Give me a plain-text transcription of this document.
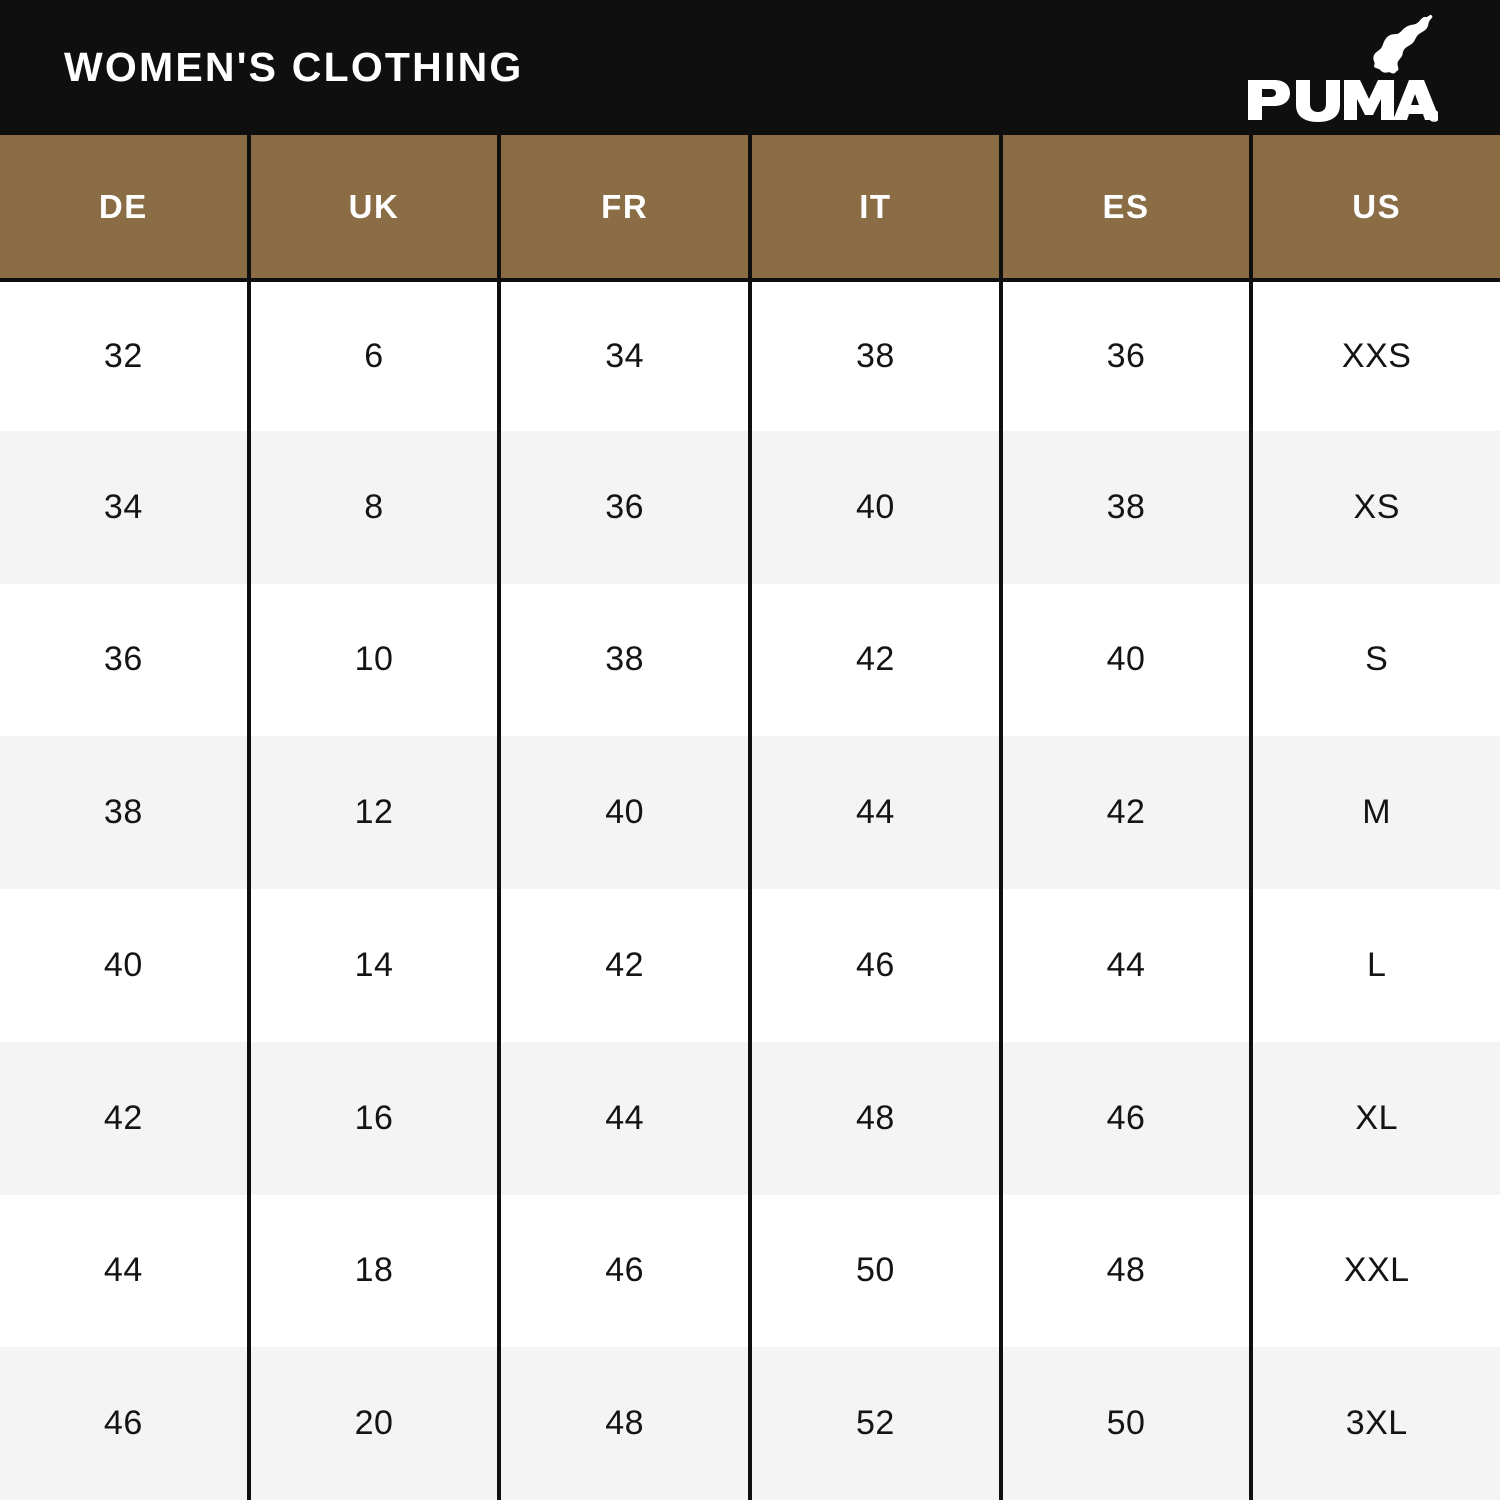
WOMEN'S CLOTHING
R
DE	UK	FR	IT	ES	US
32	6	34	38	36	XXS
34	8	36	40	38	XS
36	10	38	42	40	S
38	12	40	44	42	M
40	14	42	46	44	L
42	16	44	48	46	XL
44	18	46	50	48	XXL
46	20	48	52	50	3XL
